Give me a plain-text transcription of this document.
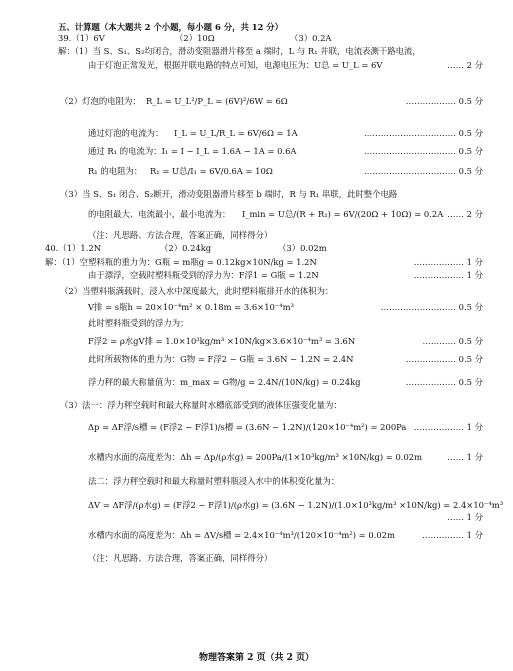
五、计算题（本大题共 2 个小题，每小题 6 分，共 12 分）
39.（1）6V	（2）10Ω	（3）0.2A
解：（1）当 S、S₁、S₂均闭合，滑动变阻器滑片移至 a 端时，L 与 R₁ 并联，电流表测干路电流，
由于灯泡正常发光，根据并联电路的特点可知，电源电压为：U总 = U_L = 6V	…… 2 分
（2）灯泡的电阻为： R_L = U_L²/P_L = (6V)²/6W = 6Ω	……………… 0.5 分
通过灯泡的电流为： I_L = U_L/R_L = 6V/6Ω = 1A	…………………………… 0.5 分
通过 R₁ 的电流为：I₁ = I − I_L = 1.6A − 1A = 0.6A	…………………………… 0.5 分
R₁ 的电阻为： R₁ = U总/I₁ = 6V/0.6A = 10Ω	…………………………… 0.5 分
（3）当 S、S₁ 闭合、S₂断开，滑动变阻器滑片移至 b 端时，R 与 R₁ 串联，此时整个电路
的电阻最大、电流最小，最小电流为： I_min = U总/(R + R₁) = 6V/(20Ω + 10Ω) = 0.2A …… 2 分
（注：凡思路、方法合理，答案正确，同样得分）
40.（1）1.2N	（2）0.24kg	（3）0.02m
解：（1）空塑料瓶的重力为：G瓶 = m瓶g = 0.12kg×10N/kg = 1.2N	……………… 1 分
由于漂浮，空载时塑料瓶受到的浮力为：F浮1 = G瓶 = 1.2N	……………… 1 分
（2）当塑料瓶满载时，浸入水中深度最大，此时塑料瓶排开水的体积为：
V排 = s瓶h = 20×10⁻⁴m² × 0.18m = 3.6×10⁻⁴m³	……………………… 0.5 分
此时塑料瓶受到的浮力为：
F浮2 = ρ水gV排 = 1.0×10³kg/m³ ×10N/kg×3.6×10⁻⁴m³ = 3.6N	………… 0.5 分
此时所载物体的重力为：G物 = F浮2 − G瓶 = 3.6N − 1.2N = 2.4N	……………… 0.5 分
浮力秤的最大称量值为：m_max = G物/g = 2.4N/(10N/kg) = 0.24kg	……………… 0.5 分
（3）法一：浮力秤空载时和最大称量时水槽底部受到的液体压强变化量为：
Δp = ΔF浮/s槽 = (F浮2 − F浮1)/s槽 = (3.6N − 1.2N)/(120×10⁻⁴m²) = 200Pa ……………… 1 分
水槽内水面的高度差为：Δh = Δp/(ρ水g) = 200Pa/(1×10³kg/m³ ×10N/kg) = 0.02m	…… 1 分
法二：浮力秤空载时和最大称量时塑料瓶浸入水中的体积变化量为：
ΔV = ΔF浮/(ρ水g) = (F浮2 − F浮1)/(ρ水g) = (3.6N − 1.2N)/(1.0×10³kg/m³ ×10N/kg) = 2.4×10⁻⁴m³
…… 1 分
水槽内水面的高度差为：Δh = ΔV/s槽 = 2.4×10⁻⁴m³/(120×10⁻⁴m²) = 0.02m	…………… 1 分
（注：凡思路、方法合理，答案正确，同样得分）
物理答案第 2 页（共 2 页）
